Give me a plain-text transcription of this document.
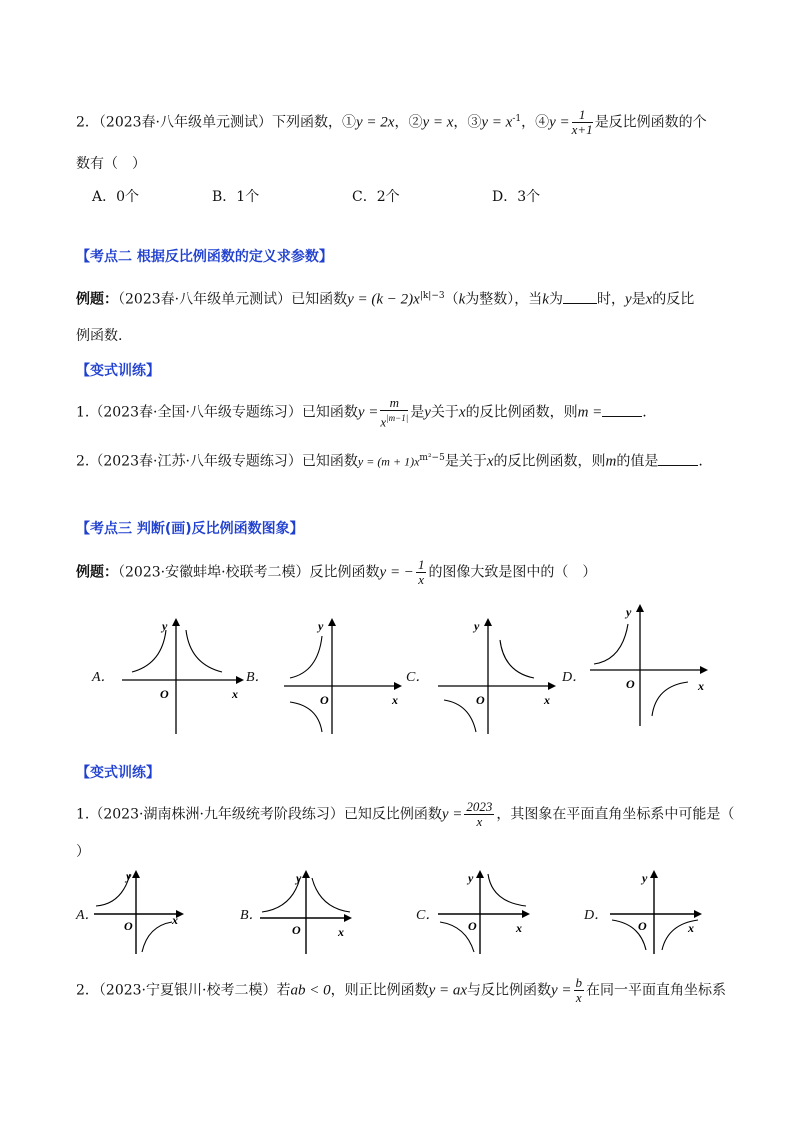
2．（2023春·八年级单元测试）下列函数，①y = 2x，②y = x，③y = $x^{-1}$，④y = $\frac{1}{x+1}$ 是反比例函数的个
数有（　）
A．0个	B．1个	C．2个	D．3个
【考点二 根据反比例函数的定义求参数】
例题：（2023春·八年级单元测试）已知函数$y = (k - 2)x^{|k|-3}(k$为整数），当k为 时，y是x的反比
例函数.
【变式训练】
1.（2023春·全国·八年级专题练习）已知函数$y = \frac{m}{x^{|m-1|}}$ 是y关于x的反比例函数，则m =	.
2.（2023春·江苏·八年级专题练习）已知函数$y = (m + 1)x^{m^2-5}$是关于x的反比例函数，则m的值是	.
【考点三 判断(画)反比例函数图象】
例题：（2023·安徽蚌埠·校联考二模）反比例函数y = − $\frac{1}{x}$ 的图像大致是图中的（　）
A．	B．	C．	D．
y
x
O
y
x
O
y
x
O
y
x
O
【变式训练】
1.（2023·湖南株洲·九年级统考阶段练习）已知反比例函数$y = \frac{2023}{x}$ ，其图象在平面直角坐标系中可能是（
）
A．	B．	C．	D．
y
x
O
y
x
O
y
x
O
y
x
O
2．（2023·宁夏银川·校考二模）若ab < 0，则正比例函数y = ax与反比例函数$y = \frac{b}{x}$ 在同一平面直角坐标系
